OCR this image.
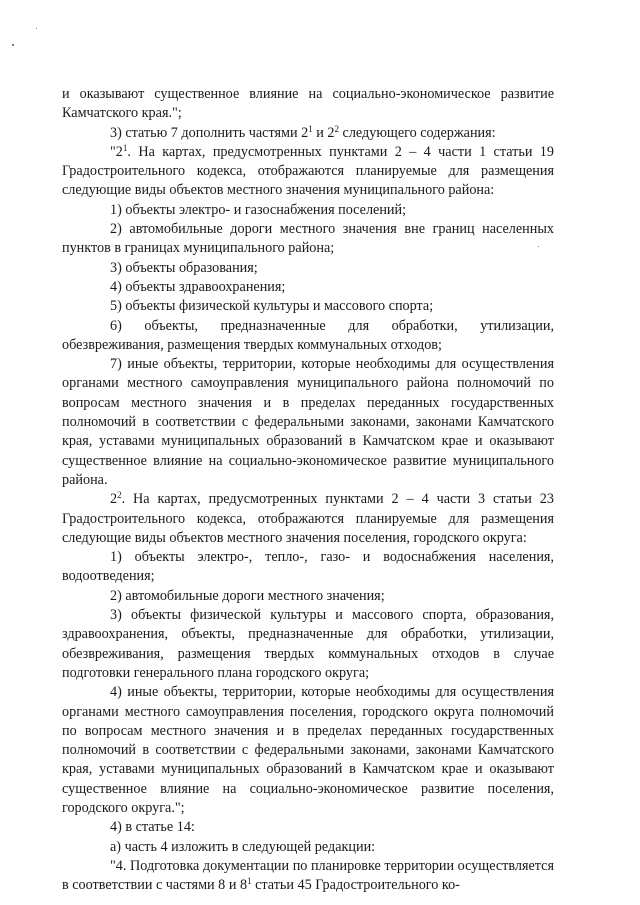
и оказывают существенное влияние на социально-экономическое развитие Камчатского края.";

3) статью 7 дополнить частями $2^1$ и $2^2$ следующего содержания:

"$2^1$. На картах, предусмотренных пунктами 2 – 4 части 1 статьи 19 Градостроительного кодекса, отображаются планируемые для размещения следующие виды объектов местного значения муниципального района:

1) объекты электро- и газоснабжения поселений;

2) автомобильные дороги местного значения вне границ населенных пунктов в границах муниципального района;

3) объекты образования;

4) объекты здравоохранения;

5) объекты физической культуры и массового спорта;

6) объекты, предназначенные для обработки, утилизации, обезвреживания, размещения твердых коммунальных отходов;

7) иные объекты, территории, которые необходимы для осуществления органами местного самоуправления муниципального района полномочий по вопросам местного значения и в пределах переданных государственных полномочий в соответствии с федеральными законами, законами Камчатского края, уставами муниципальных образований в Камчатском крае и оказывают существенное влияние на социально-экономическое развитие муниципального района.

$2^2$. На картах, предусмотренных пунктами 2 – 4 части 3 статьи 23 Градостроительного кодекса, отображаются планируемые для размещения следующие виды объектов местного значения поселения, городского округа:

1) объекты электро-, тепло-, газо- и водоснабжения населения, водоотведения;

2) автомобильные дороги местного значения;

3) объекты физической культуры и массового спорта, образования, здравоохранения, объекты, предназначенные для обработки, утилизации, обезвреживания, размещения твердых коммунальных отходов в случае подготовки генерального плана городского округа;

4) иные объекты, территории, которые необходимы для осуществления органами местного самоуправления поселения, городского округа полномочий по вопросам местного значения и в пределах переданных государственных полномочий в соответствии с федеральными законами, законами Камчатского края, уставами муниципальных образований в Камчатском крае и оказывают существенное влияние на социально-экономическое развитие поселения, городского округа.";

4) в статье 14:

а) часть 4 изложить в следующей редакции:

"4. Подготовка документации по планировке территории осуществляется в соответствии с частями 8 и $8^1$ статьи 45 Градостроительного ко-
